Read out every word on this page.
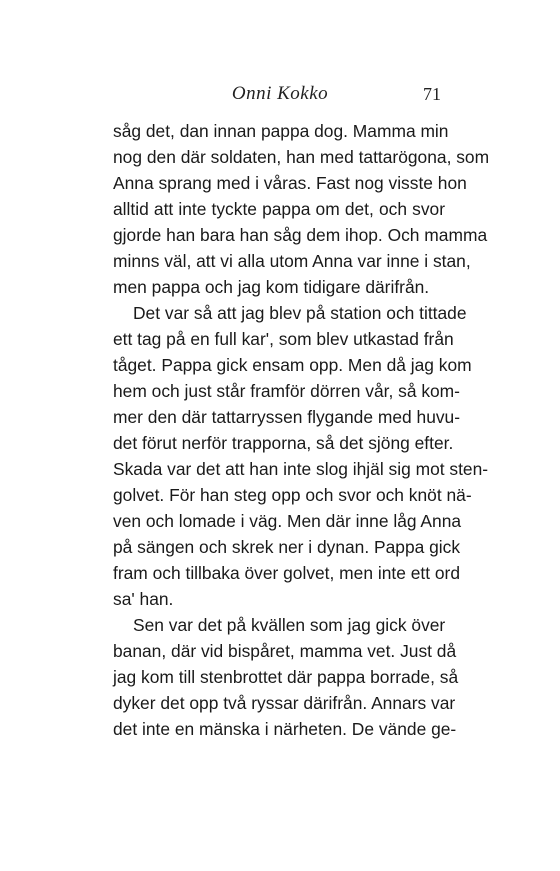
Onni Kokko	71
såg det, dan innan pappa dog. Mamma min
nog den där soldaten, han med tattarögona, som
Anna sprang med i våras. Fast nog visste hon
alltid att inte tyckte pappa om det, och svor
gjorde han bara han såg dem ihop. Och mamma
minns väl, att vi alla utom Anna var inne i stan,
men pappa och jag kom tidigare därifrån.
Det var så att jag blev på station och tittade
ett tag på en full kar', som blev utkastad från
tåget. Pappa gick ensam opp. Men då jag kom
hem och just står framför dörren vår, så kom-
mer den där tattarryssen flygande med huvu-
det förut nerför trapporna, så det sjöng efter.
Skada var det att han inte slog ihjäl sig mot sten-
golvet. För han steg opp och svor och knöt nä-
ven och lomade i väg. Men där inne låg Anna
på sängen och skrek ner i dynan. Pappa gick
fram och tillbaka över golvet, men inte ett ord
sa' han.
Sen var det på kvällen som jag gick över
banan, där vid bispåret, mamma vet. Just då
jag kom till stenbrottet där pappa borrade, så
dyker det opp två ryssar därifrån. Annars var
det inte en mänska i närheten. De vände ge-
